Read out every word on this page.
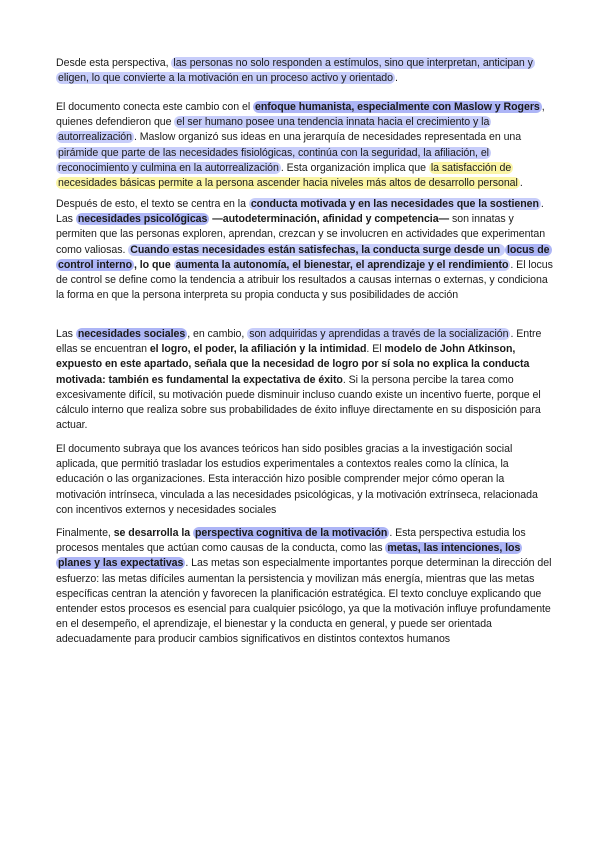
Desde esta perspectiva, las personas no solo responden a estímulos, sino que interpretan, anticipan y eligen, lo que convierte a la motivación en un proceso activo y orientado .

El documento conecta este cambio con el enfoque humanista, especialmente con Maslow y Rogers , quienes defendieron que el ser humano posee una tendencia innata hacia el crecimiento y la autorrealización . Maslow organizó sus ideas en una jerarquía de necesidades representada en una pirámide que parte de las necesidades fisiológicas, continúa con la seguridad, la afiliación, el reconocimiento y culmina en la autorrealización . Esta organización implica que la satisfacción de necesidades básicas permite a la persona ascender hacia niveles más altos de desarrollo personal .

Después de esto, el texto se centra en la conducta motivada y en las necesidades que la sostienen . Las necesidades psicológicas —autodeterminación, afinidad y competencia— son innatas y permiten que las personas exploren, aprendan, crezcan y se involucren en actividades que experimentan como valiosas. Cuando estas necesidades están satisfechas, la conducta surge desde un locus de control interno , lo que aumenta la autonomía, el bienestar, el aprendizaje y el rendimiento . El locus de control se define como la tendencia a atribuir los resultados a causas internas o externas, y condiciona la forma en que la persona interpreta su propia conducta y sus posibilidades de acción

Las necesidades sociales , en cambio, son adquiridas y aprendidas a través de la socialización . Entre ellas se encuentran el logro, el poder, la afiliación y la intimidad. El modelo de John Atkinson, expuesto en este apartado, señala que la necesidad de logro por sí sola no explica la conducta motivada: también es fundamental la expectativa de éxito. Si la persona percibe la tarea como excesivamente difícil, su motivación puede disminuir incluso cuando existe un incentivo fuerte, porque el cálculo interno que realiza sobre sus probabilidades de éxito influye directamente en su disposición para actuar.

El documento subraya que los avances teóricos han sido posibles gracias a la investigación social aplicada, que permitió trasladar los estudios experimentales a contextos reales como la clínica, la educación o las organizaciones. Esta interacción hizo posible comprender mejor cómo operan la motivación intrínseca, vinculada a las necesidades psicológicas, y la motivación extrínseca, relacionada con incentivos externos y necesidades sociales

Finalmente, se desarrolla la perspectiva cognitiva de la motivación . Esta perspectiva estudia los procesos mentales que actúan como causas de la conducta, como las metas, las intenciones, los planes y las expectativas . Las metas son especialmente importantes porque determinan la dirección del esfuerzo: las metas difíciles aumentan la persistencia y movilizan más energía, mientras que las metas específicas centran la atención y favorecen la planificación estratégica. El texto concluye explicando que entender estos procesos es esencial para cualquier psicólogo, ya que la motivación influye profundamente en el desempeño, el aprendizaje, el bienestar y la conducta en general, y puede ser orientada adecuadamente para producir cambios significativos en distintos contextos humanos
